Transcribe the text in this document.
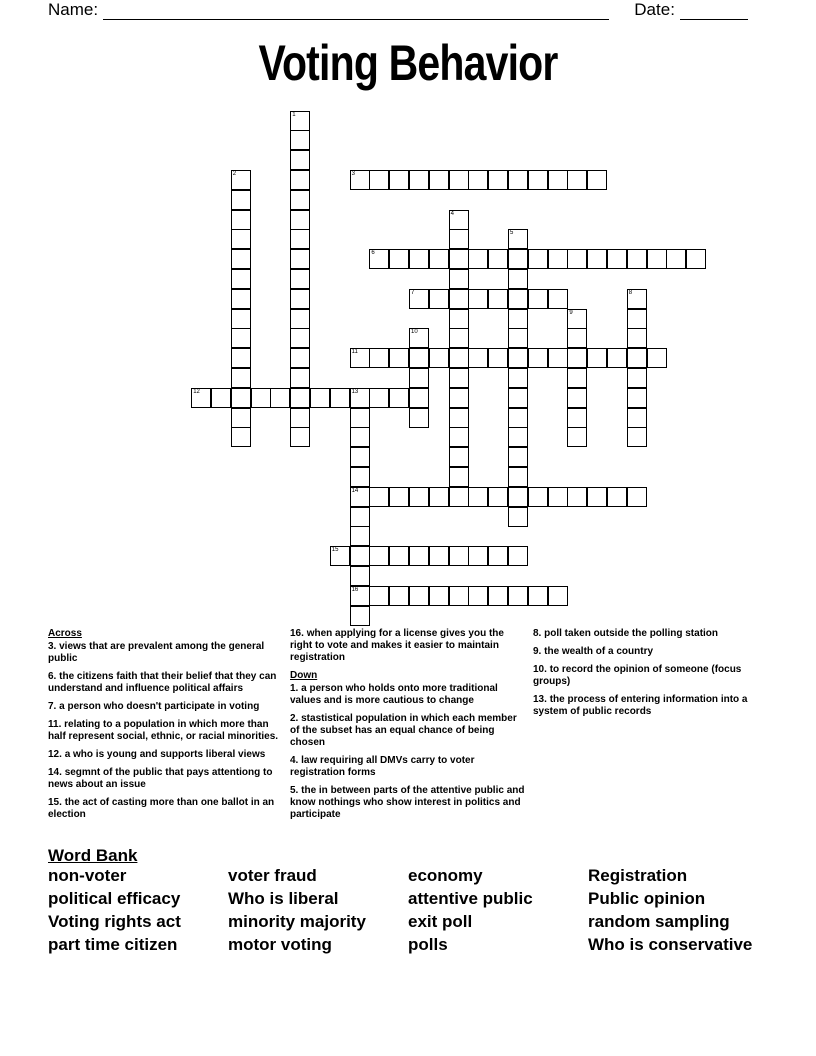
Name:	Date:
Voting Behavior
3
6
7
11
12	13
14
15
16
1
2
4
5
8
9
10
Across
3. views that are prevalent among the general public
6. the citizens faith that their belief that they can understand and influence political affairs
7. a person who doesn't participate in voting
11. relating to a population in which more than half represent social, ethnic, or racial minorities.
12. a who is young and supports liberal views
14. segmnt of the public that pays attentiong to news about an issue
15. the act of casting more than one ballot in an election
16. when applying for a license gives you the right to vote and makes it easier to maintain registration
Down
1. a person who holds onto more traditional values and is more cautious to change
2. stastistical population in which each member of the subset has an equal chance of being chosen
4. law requiring all DMVs carry to voter registration forms
5. the in between parts of the attentive public and know nothings who show interest in politics and participate
8. poll taken outside the polling station
9. the wealth of a country
10. to record the opinion of someone (focus groups)
13. the process of entering information into a system of public records
Word Bank
non-voter
political efficacy
Voting rights act
part time citizen
voter fraud
Who is liberal
minority majority
motor voting
economy
attentive public
exit poll
polls
Registration
Public opinion
random sampling
Who is conservative
